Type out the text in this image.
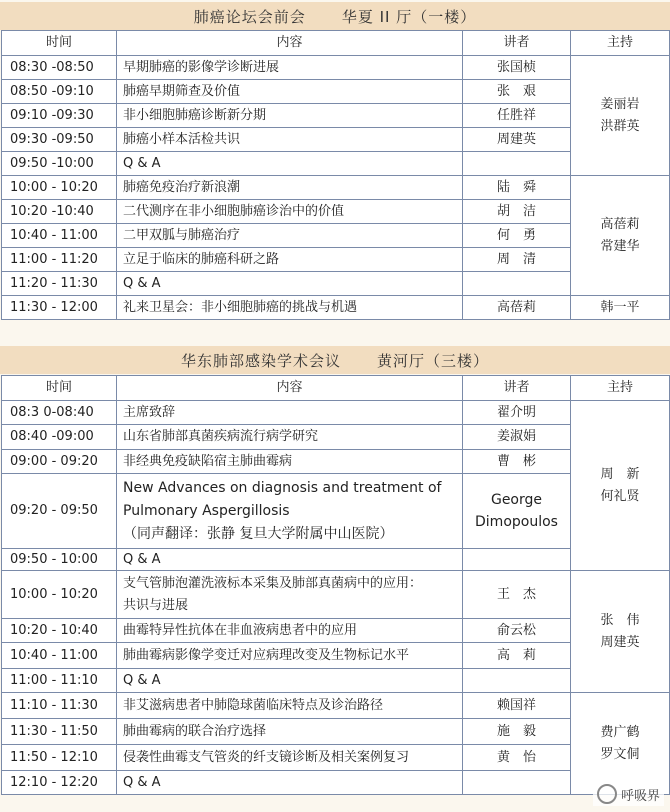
肺癌论坛会前会 华夏 II 厅（一楼）
时间	内容	讲者	主持
08:30 -08:50	早期肺癌的影像学诊断进展	张国桢	姜丽岩
洪群英
08:50 -09:10	肺癌早期筛查及价值	张　艰	
09:10 -09:30	非小细胞肺癌诊断新分期	任胜祥	
09:30 -09:50	肺癌小样本活检共识	周建英	
09:50 -10:00	Q & A		
10:00 - 10:20	肺癌免疫治疗新浪潮	陆　舜	高蓓莉
常建华
10:20 -10:40	二代测序在非小细胞肺癌诊治中的价值	胡　洁	
10:40 - 11:00	二甲双胍与肺癌治疗	何　勇	
11:00 - 11:20	立足于临床的肺癌科研之路	周　清	
11:20 - 11:30	Q & A		
11:30 - 12:00	礼来卫星会：非小细胞肺癌的挑战与机遇	高蓓莉	韩一平
华东肺部感染学术会议 黄河厅（三楼）
时间	内容	讲者	主持
08:3 0-08:40	主席致辞	翟介明	周　新
何礼贤
08:40 -09:00	山东省肺部真菌疾病流行病学研究	姜淑娟	
09:00 - 09:20	非经典免疫缺陷宿主肺曲霉病	曹　彬	
09:20 - 09:50	New Advances on diagnosis and treatment of
Pulmonary Aspergillosis
（同声翻译：张静 复旦大学附属中山医院）	George
Dimopoulos	
09:50 - 10:00	Q & A		
10:00 - 10:20	支气管肺泡灌洗液标本采集及肺部真菌病中的应用：
共识与进展	王　杰	张　伟
周建英
10:20 - 10:40	曲霉特异性抗体在非血液病患者中的应用	俞云松	
10:40 - 11:00	肺曲霉病影像学变迁对应病理改变及生物标记水平	高　莉	
11:00 - 11:10	Q & A		
11:10 - 11:30	非艾滋病患者中肺隐球菌临床特点及诊治路径	赖国祥	费广鹤
罗文侗
11:30 - 11:50	肺曲霉病的联合治疗选择	施　毅	
11:50 - 12:10	侵袭性曲霉支气管炎的纤支镜诊断及相关案例复习	黄　怡	
12:10 - 12:20	Q & A		
呼吸界
